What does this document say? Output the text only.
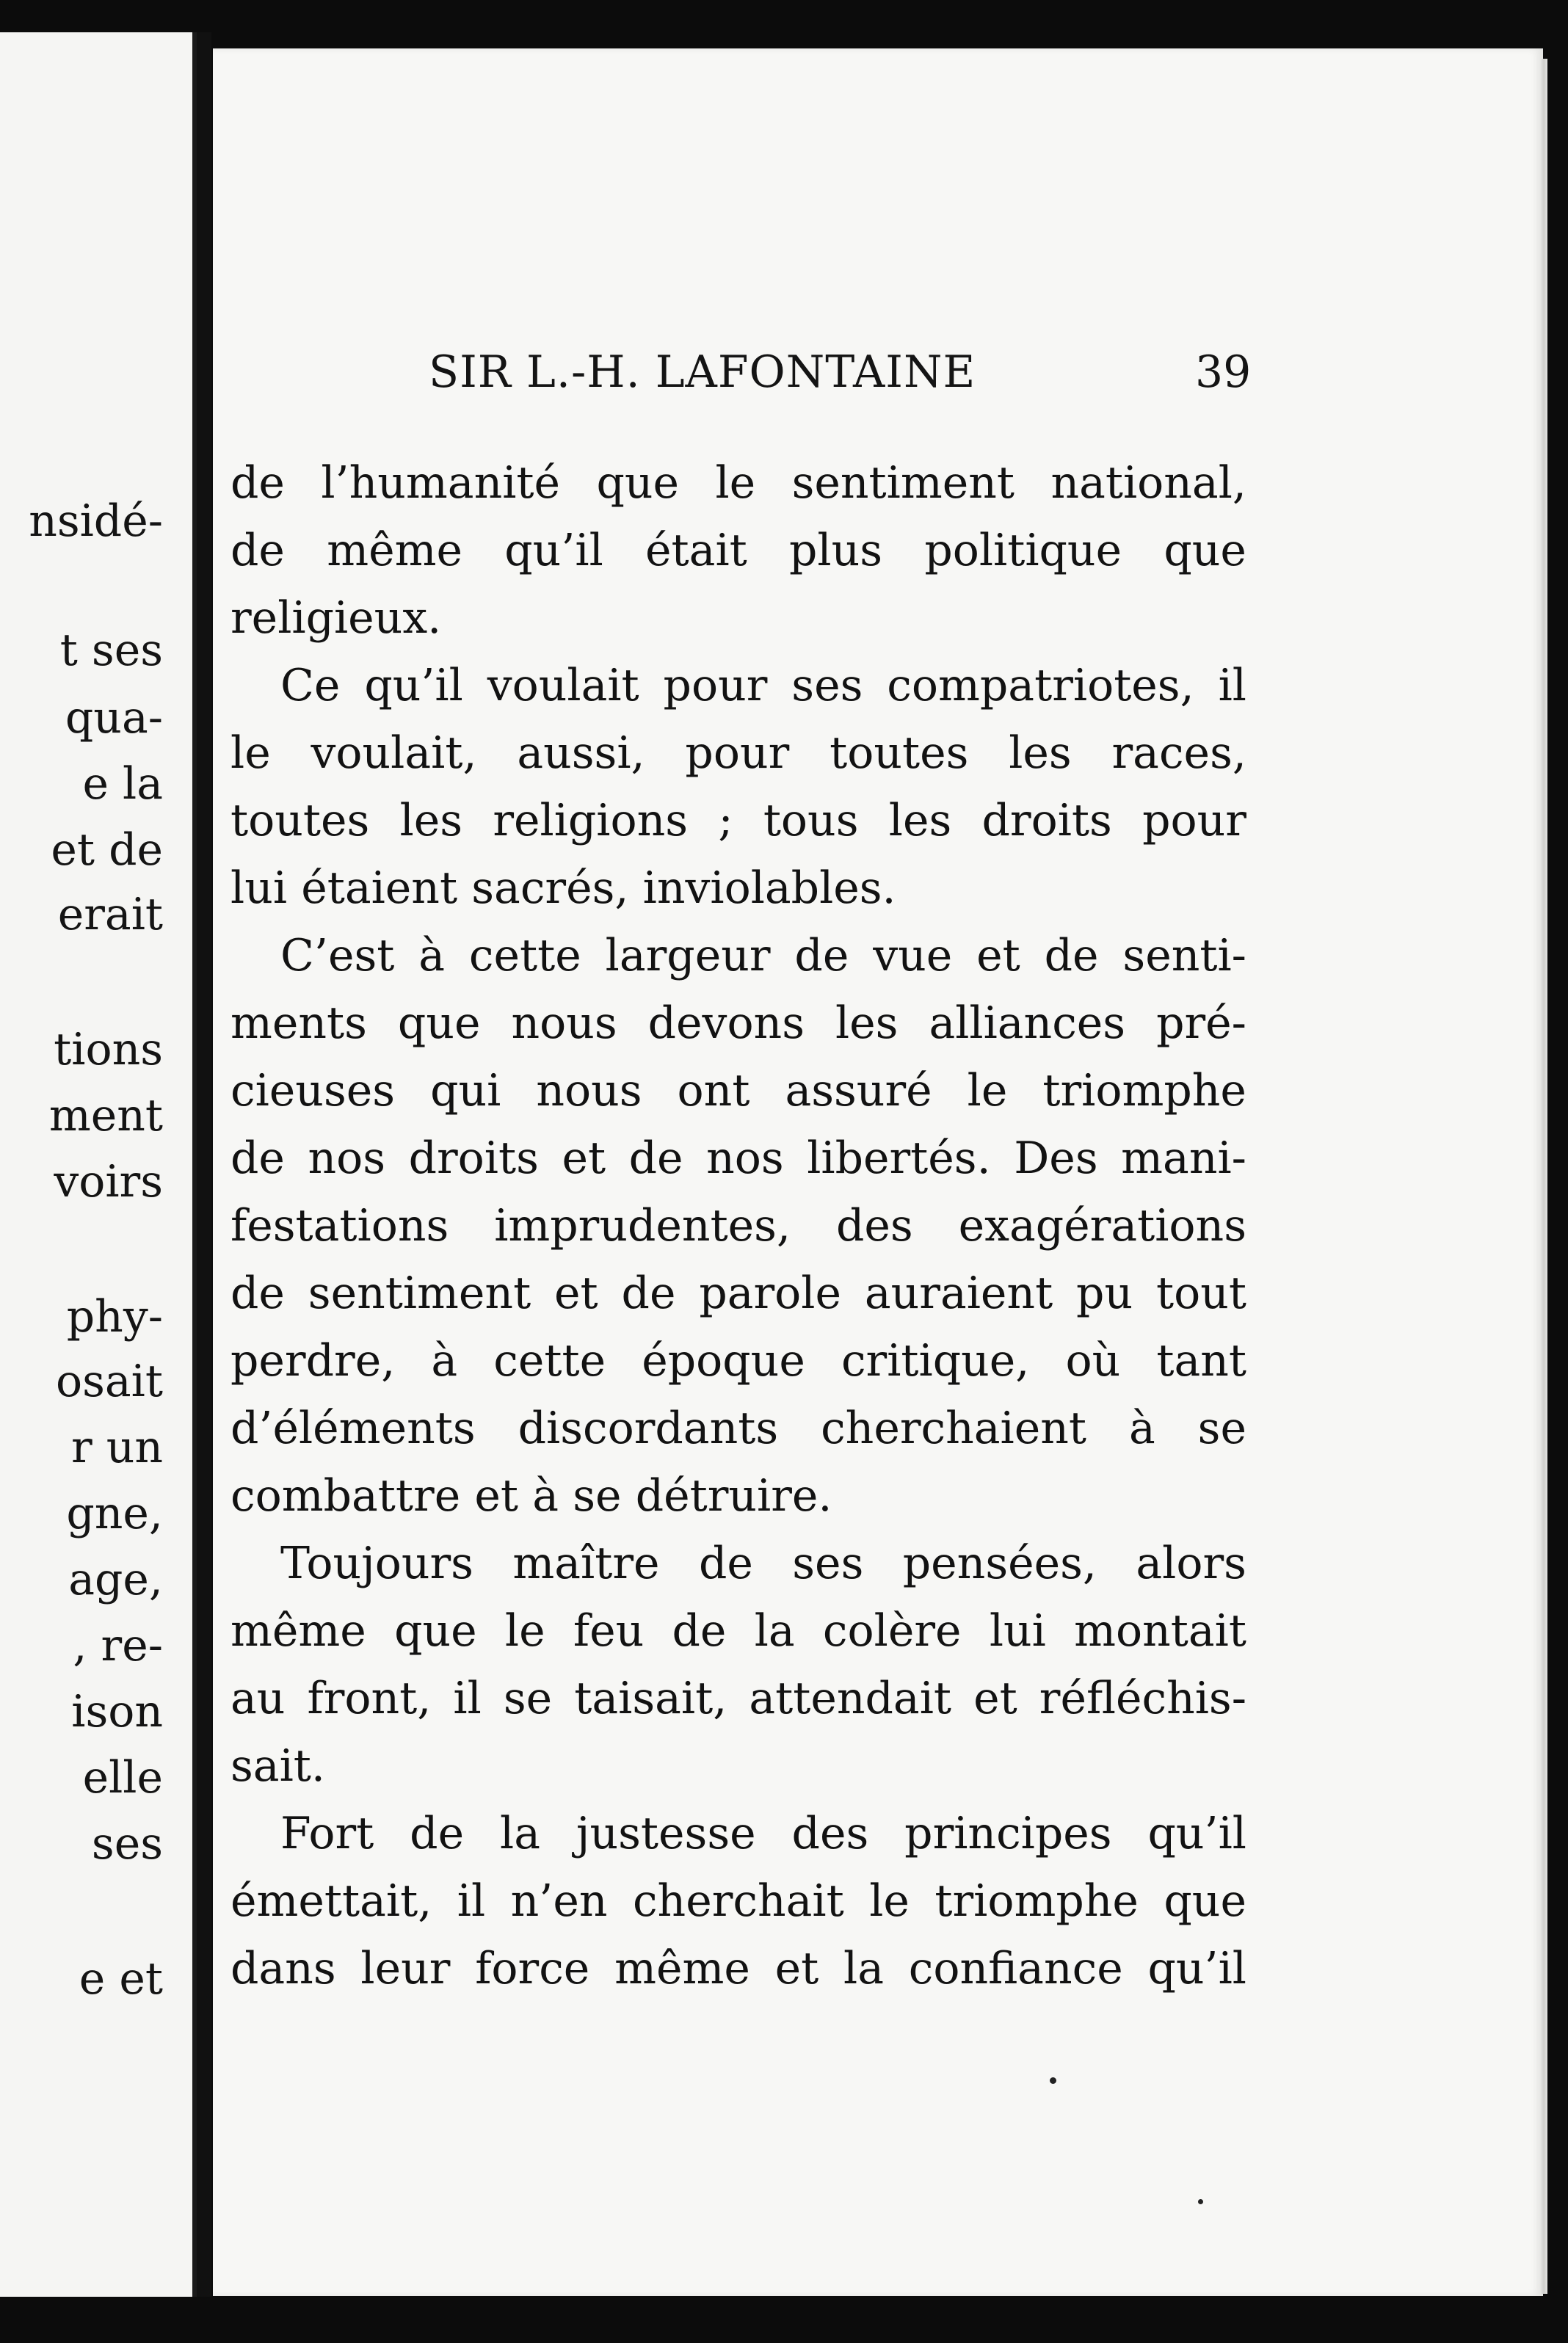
nsidé-
t ses
qua-
e la
et de
erait
tions
ment
voirs
phy-
osait
r un
gne,
age,
, re-
ison
elle
ses
e et
SIR L.-H. LAFONTAINE	39
de l’humanité que le sentiment national,
de même qu’il était plus politique que
religieux.
Ce qu’il voulait pour ses compatriotes, il
le voulait, aussi, pour toutes les races,
toutes les religions ; tous les droits pour
lui étaient sacrés, inviolables.
C’est à cette largeur de vue et de senti-
ments que nous devons les alliances pré-
cieuses qui nous ont assuré le triomphe
de nos droits et de nos libertés. Des mani-
festations imprudentes, des exagérations
de sentiment et de parole auraient pu tout
perdre, à cette époque critique, où tant
d’éléments discordants cherchaient à se
combattre et à se détruire.
Toujours maître de ses pensées, alors
même que le feu de la colère lui montait
au front, il se taisait, attendait et réfléchis-
sait.
Fort de la justesse des principes qu’il
émettait, il n’en cherchait le triomphe que
dans leur force même et la confiance qu’il
